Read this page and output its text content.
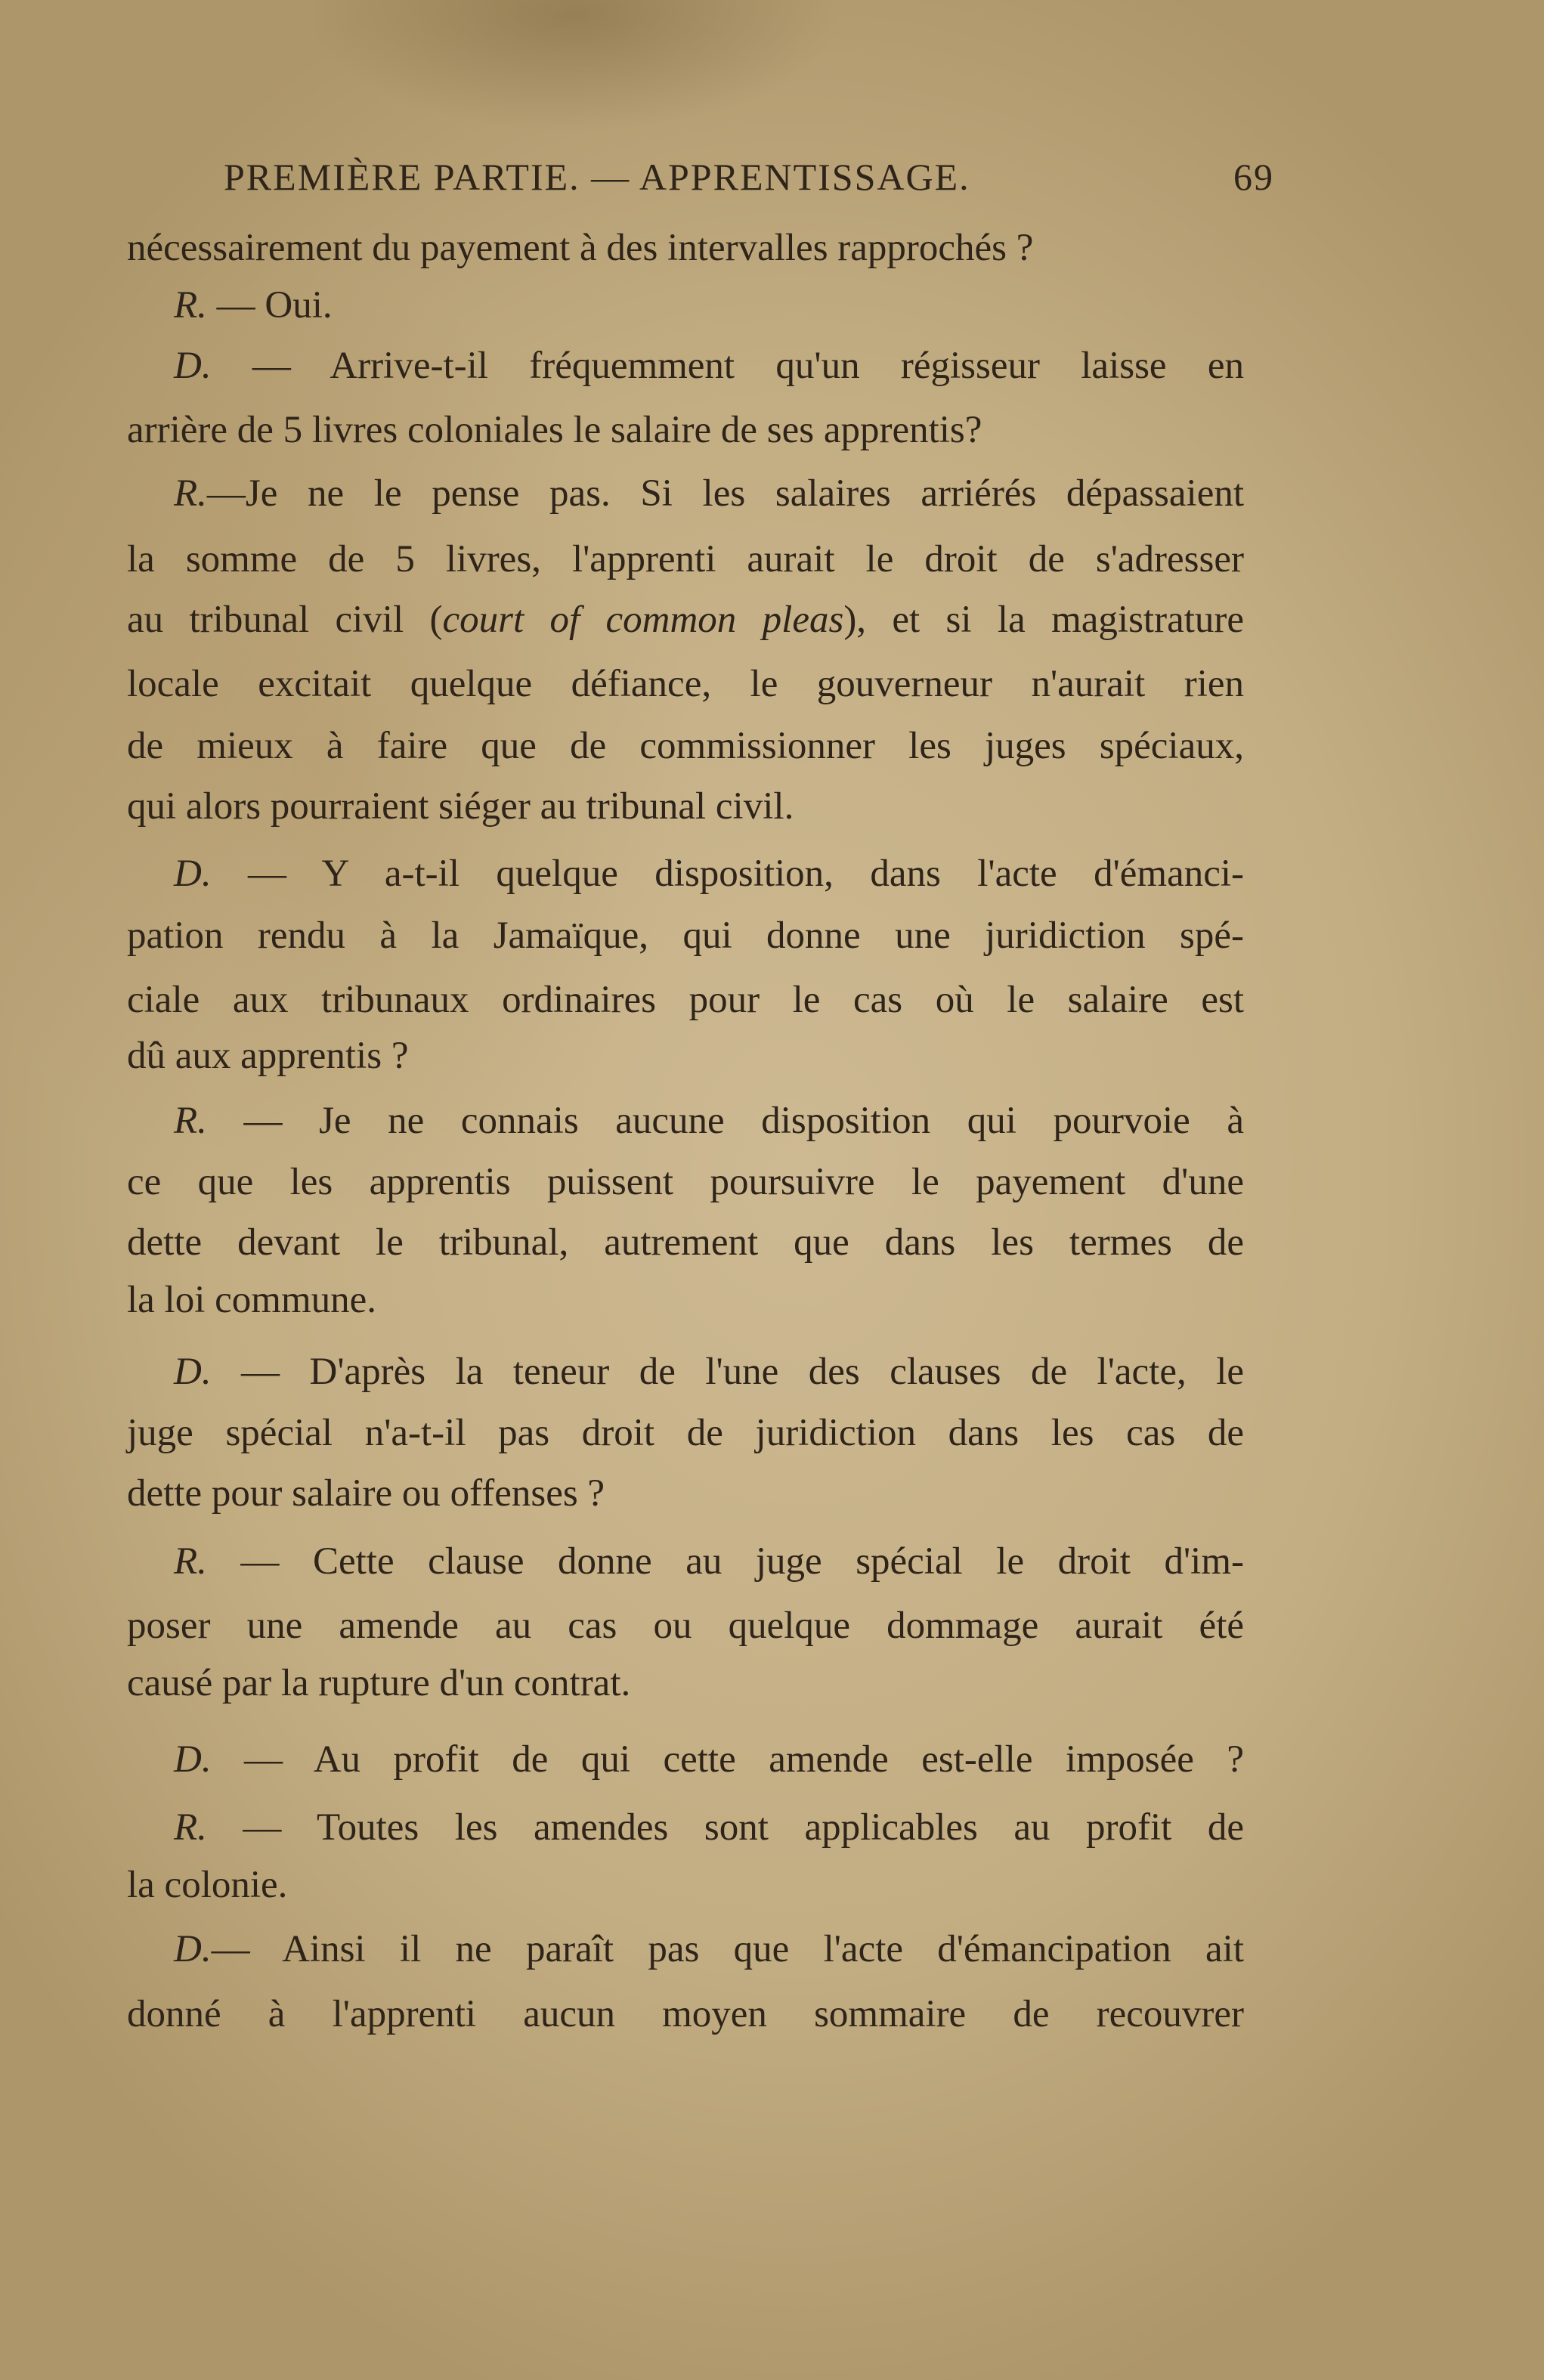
PREMIÈRE PARTIE. — APPRENTISSAGE.	69
nécessairement du payement à des intervalles rapprochés ?
R. — Oui.
D. — Arrive-t-il fréquemment qu'un régisseur laisse en
arrière de 5 livres coloniales le salaire de ses apprentis?
R.—Je ne le pense pas. Si les salaires arriérés dépassaient
la somme de 5 livres, l'apprenti aurait le droit de s'adresser
au tribunal civil (court of common pleas), et si la magistrature
locale excitait quelque défiance, le gouverneur n'aurait rien
de mieux à faire que de commissionner les juges spéciaux,
qui alors pourraient siéger au tribunal civil.
D. — Y a-t-il quelque disposition, dans l'acte d'émanci-
pation rendu à la Jamaïque, qui donne une juridiction spé-
ciale aux tribunaux ordinaires pour le cas où le salaire est
dû aux apprentis ?
R. — Je ne connais aucune disposition qui pourvoie à
ce que les apprentis puissent poursuivre le payement d'une
dette devant le tribunal, autrement que dans les termes de
la loi commune.
D. — D'après la teneur de l'une des clauses de l'acte, le
juge spécial n'a-t-il pas droit de juridiction dans les cas de
dette pour salaire ou offenses ?
R. — Cette clause donne au juge spécial le droit d'im-
poser une amende au cas ou quelque dommage aurait été
causé par la rupture d'un contrat.
D. — Au profit de qui cette amende est-elle imposée ?
R. — Toutes les amendes sont applicables au profit de
la colonie.
D.— Ainsi il ne paraît pas que l'acte d'émancipation ait
donné à l'apprenti aucun moyen sommaire de recouvrer
